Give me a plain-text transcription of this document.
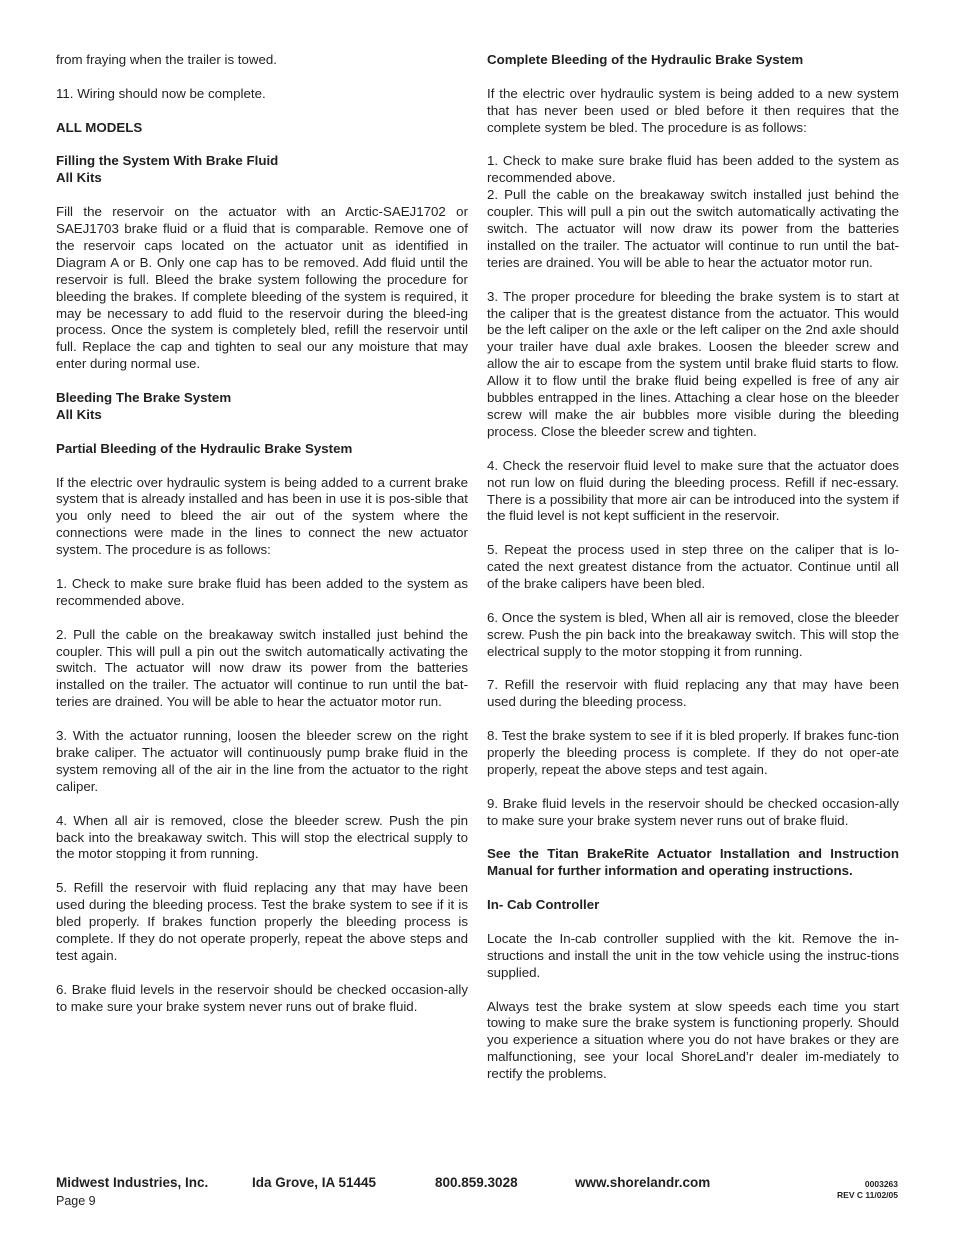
from fraying when the trailer is towed.

11. Wiring should now be complete.

ALL MODELS

Filling the System With Brake Fluid
All Kits

Fill the reservoir on the actuator with an Arctic-SAEJ1702 or SAEJ1703 brake fluid or a fluid that is comparable. Remove one of the reservoir caps located on the actuator unit as identified in Diagram A or B. Only one cap has to be removed. Add fluid until the reservoir is full. Bleed the brake system following the procedure for bleeding the brakes. If complete bleeding of the system is required, it may be necessary to add fluid to the reservoir during the bleed-ing process. Once the system is completely bled, refill the reservoir until full. Replace the cap and tighten to seal our any moisture that may enter during normal use.

Bleeding The Brake System
All Kits

Partial Bleeding of the Hydraulic Brake System

If the electric over hydraulic system is being added to a current brake system that is already installed and has been in use it is pos-sible that you only need to bleed the air out of the system where the connections were made in the lines to connect the new actuator system. The procedure is as follows:

1. Check to make sure brake fluid has been added to the system as recommended above.

2. Pull the cable on the breakaway switch installed just behind the coupler. This will pull a pin out the switch automatically activating the switch. The actuator will now draw its power from the batteries installed on the trailer. The actuator will continue to run until the bat-teries are drained. You will be able to hear the actuator motor run.

3. With the actuator running, loosen the bleeder screw on the right brake caliper. The actuator will continuously pump brake fluid in the system removing all of the air in the line from the actuator to the right caliper.

4. When all air is removed, close the bleeder screw. Push the pin back into the breakaway switch. This will stop the electrical supply to the motor stopping it from running.

5. Refill the reservoir with fluid replacing any that may have been used during the bleeding process. Test the brake system to see if it is bled properly. If brakes function properly the bleeding process is complete. If they do not operate properly, repeat the above steps and test again.

6. Brake fluid levels in the reservoir should be checked occasion-ally to make sure your brake system never runs out of brake fluid.

Complete Bleeding of the Hydraulic Brake System

If the electric over hydraulic system is being added to a new system that has never been used or bled before it then requires that the complete system be bled. The procedure is as follows:

1. Check to make sure brake fluid has been added to the system as recommended above.
2. Pull the cable on the breakaway switch installed just behind the coupler. This will pull a pin out the switch automatically activating the switch. The actuator will now draw its power from the batteries installed on the trailer. The actuator will continue to run until the bat-teries are drained. You will be able to hear the actuator motor run.

3. The proper procedure for bleeding the brake system is to start at the caliper that is the greatest distance from the actuator. This would be the left caliper on the axle or the left caliper on the 2nd axle should your trailer have dual axle brakes. Loosen the bleeder screw and allow the air to escape from the system until brake fluid starts to flow. Allow it to flow until the brake fluid being expelled is free of any air bubbles entrapped in the lines. Attaching a clear hose on the bleeder screw will make the air bubbles more visible during the bleeding process. Close the bleeder screw and tighten.

4. Check the reservoir fluid level to make sure that the actuator does not run low on fluid during the bleeding process. Refill if nec-essary. There is a possibility that more air can be introduced into the system if the fluid level is not kept sufficient in the reservoir.

5. Repeat the process used in step three on the caliper that is lo-cated the next greatest distance from the actuator. Continue until all of the brake calipers have been bled.

6. Once the system is bled, When all air is removed, close the bleeder screw. Push the pin back into the breakaway switch. This will stop the electrical supply to the motor stopping it from running.

7. Refill the reservoir with fluid replacing any that may have been used during the bleeding process.

8. Test the brake system to see if it is bled properly. If brakes func-tion properly the bleeding process is complete. If they do not oper-ate properly, repeat the above steps and test again.

9. Brake fluid levels in the reservoir should be checked occasion-ally to make sure your brake system never runs out of brake fluid.

See the Titan BrakeRite Actuator Installation and Instruction Manual for further information and operating instructions.

In- Cab Controller

Locate the In-cab controller supplied with the kit. Remove the in-structions and install the unit in the tow vehicle using the instruc-tions supplied.

Always test the brake system at slow speeds each time you start towing to make sure the brake system is functioning properly. Should you experience a situation where you do not have brakes or they are malfunctioning, see your local ShoreLand’r dealer im-mediately to rectify the problems.

Midwest Industries, Inc.	Ida Grove, IA 51445	800.859.3028	www.shorelandr.com
Page 9
0003263
REV C 11/02/05
